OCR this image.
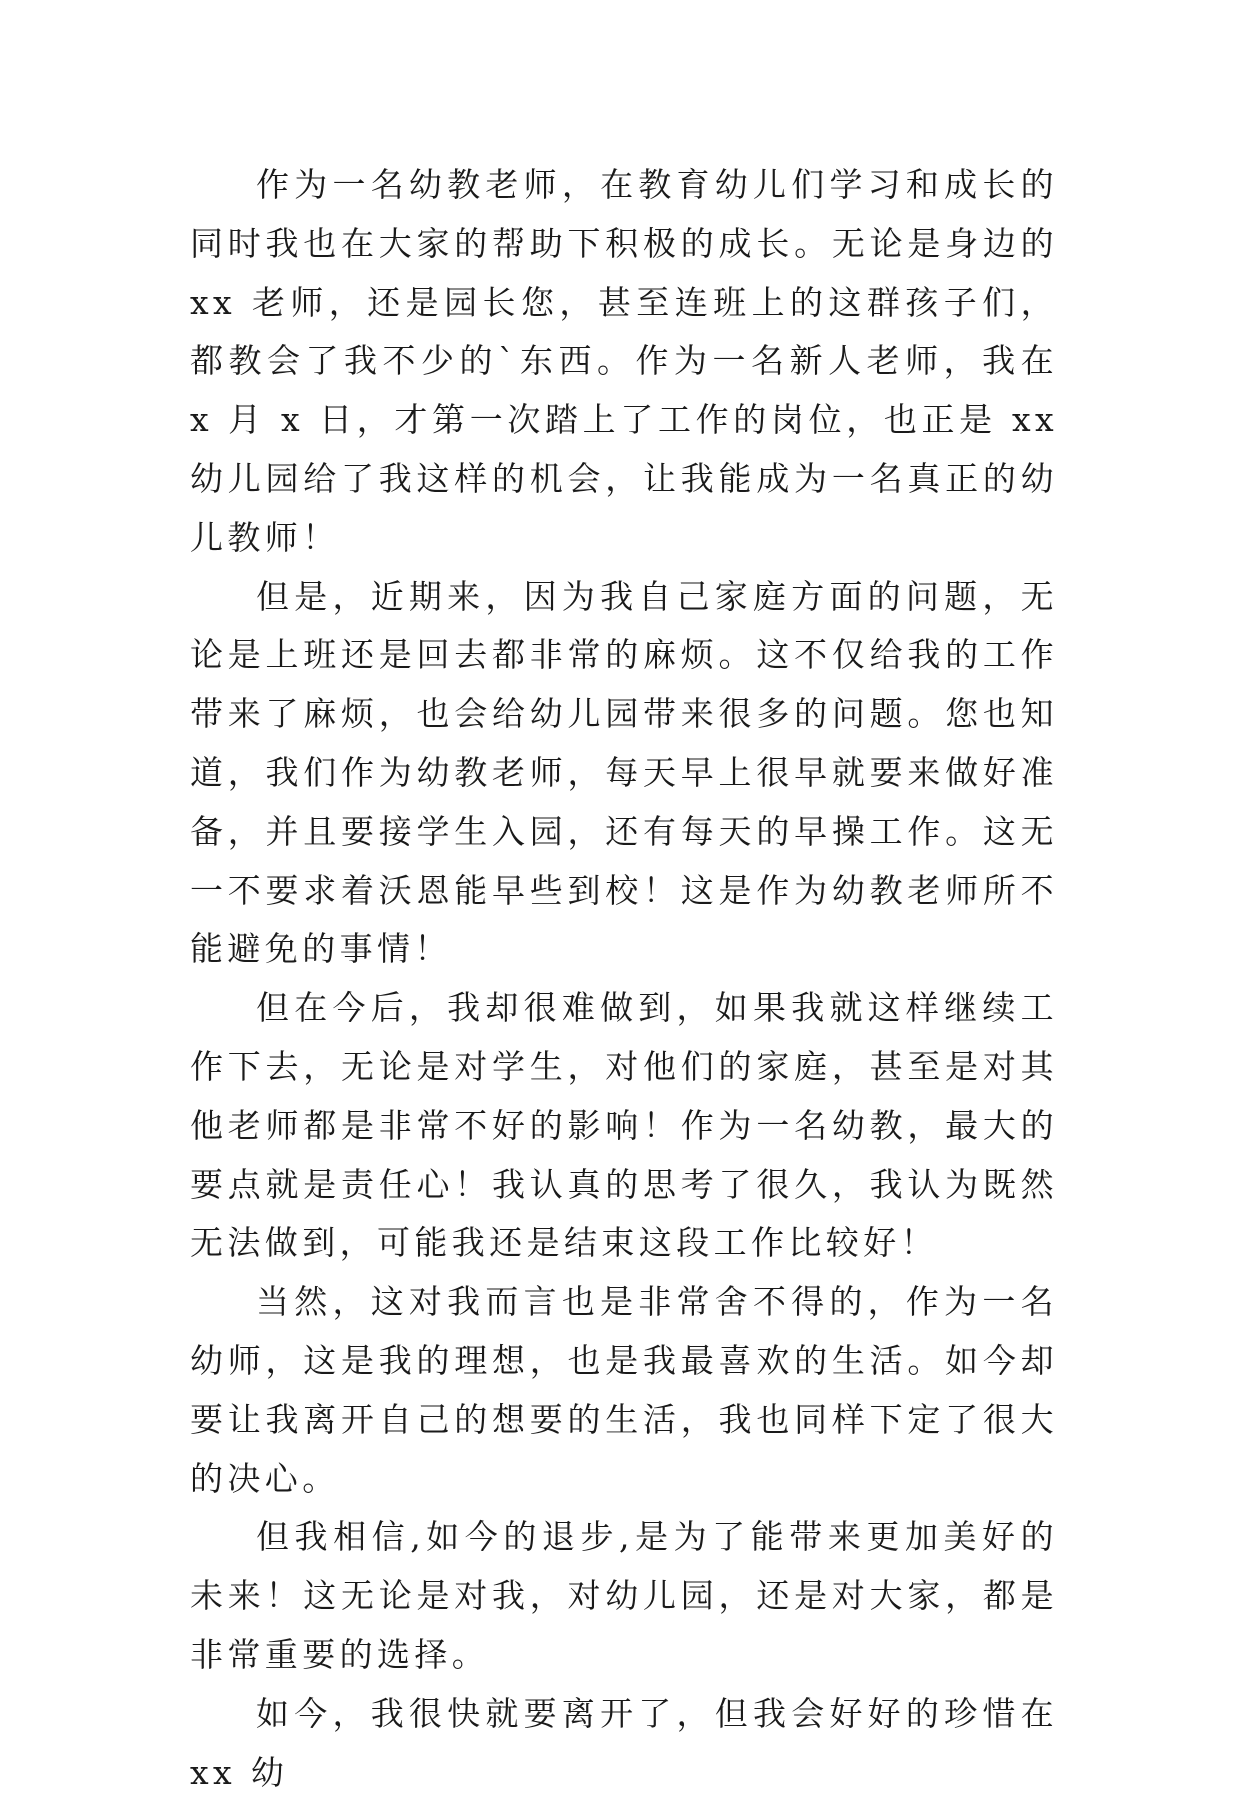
作为一名幼教老师，在教育幼儿们学习和成长的同时我也在大家的帮助下积极的成长。无论是身边的 xx 老师，还是园长您，甚至连班上的这群孩子们，都教会了我不少的`东西。作为一名新人老师，我在 x 月 x 日，才第一次踏上了工作的岗位，也正是 xx 幼儿园给了我这样的机会，让我能成为一名真正的幼儿教师！

但是，近期来，因为我自己家庭方面的问题，无论是上班还是回去都非常的麻烦。这不仅给我的工作带来了麻烦，也会给幼儿园带来很多的问题。您也知道，我们作为幼教老师，每天早上很早就要来做好准备，并且要接学生入园，还有每天的早操工作。这无一不要求着沃恩能早些到校！这是作为幼教老师所不能避免的事情！

但在今后，我却很难做到，如果我就这样继续工作下去，无论是对学生，对他们的家庭，甚至是对其他老师都是非常不好的影响！作为一名幼教，最大的要点就是责任心！我认真的思考了很久，我认为既然无法做到，可能我还是结束这段工作比较好！

当然，这对我而言也是非常舍不得的，作为一名幼师，这是我的理想，也是我最喜欢的生活。如今却要让我离开自己的想要的生活，我也同样下定了很大的决心。

但我相信,如今的退步,是为了能带来更加美好的未来！这无论是对我，对幼儿园，还是对大家，都是非常重要的选择。

如今，我很快就要离开了，但我会好好的珍惜在 xx 幼
